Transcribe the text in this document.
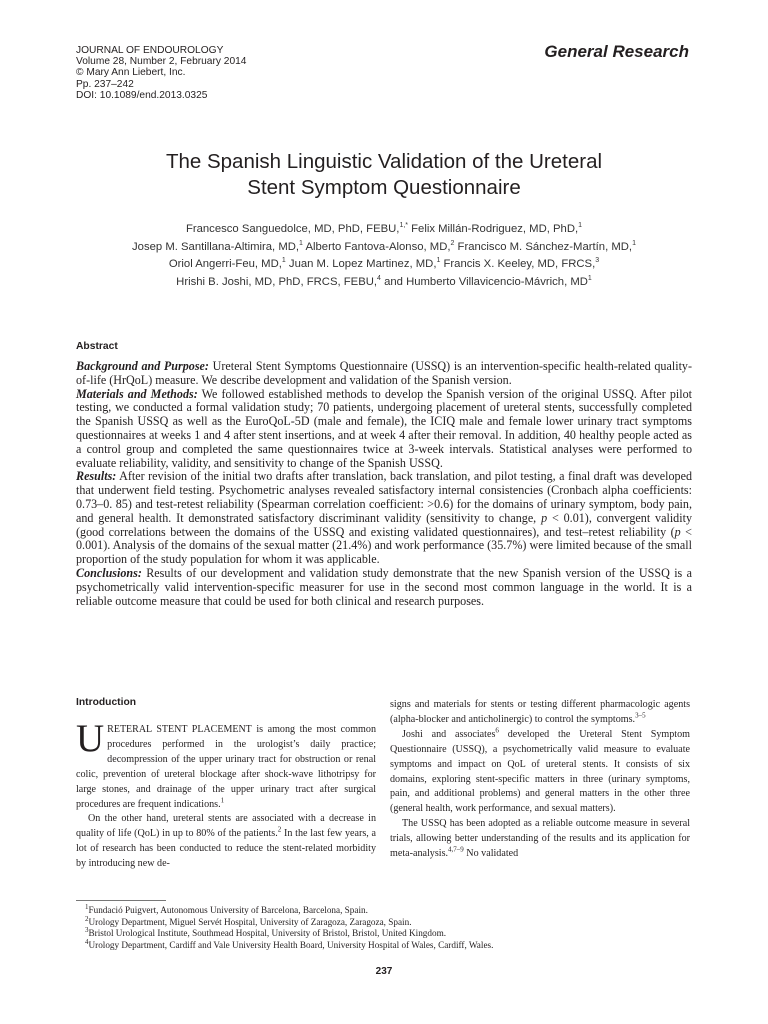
JOURNAL OF ENDOUROLOGY
Volume 28, Number 2, February 2014
© Mary Ann Liebert, Inc.
Pp. 237–242
DOI: 10.1089/end.2013.0325
General Research
The Spanish Linguistic Validation of the Ureteral
Stent Symptom Questionnaire
Francesco Sanguedolce, MD, PhD, FEBU,$^{1,*}$ Felix Millán-Rodriguez, MD, PhD,$^1$
Josep M. Santillana-Altimira, MD,$^1$ Alberto Fantova-Alonso, MD,$^2$ Francisco M. Sánchez-Martín, MD,$^1$
Oriol Angerri-Feu, MD,$^1$ Juan M. Lopez Martinez, MD,$^1$ Francis X. Keeley, MD, FRCS,$^3$
Hrishi B. Joshi, MD, PhD, FRCS, FEBU,$^4$ and Humberto Villavicencio-Mávrich, $MD^1$
Abstract

Background and Purpose: Ureteral Stent Symptoms Questionnaire (USSQ) is an intervention-specific health-related quality-of-life (HrQoL) measure. We describe development and validation of the Spanish version.

Materials and Methods: We followed established methods to develop the Spanish version of the original USSQ. After pilot testing, we conducted a formal validation study; 70 patients, undergoing placement of ureteral stents, successfully completed the Spanish USSQ as well as the EuroQoL-5D (male and female), the ICIQ male and female lower urinary tract symptoms questionnaires at weeks 1 and 4 after stent insertions, and at week 4 after their removal. In addition, 40 healthy people acted as a control group and completed the same questionnaires twice at 3-week intervals. Statistical analyses were performed to evaluate reliability, validity, and sensitivity to change of the Spanish USSQ.

Results: After revision of the initial two drafts after translation, back translation, and pilot testing, a final draft was developed that underwent field testing. Psychometric analyses revealed satisfactory internal consistencies (Cronbach alpha coefficients: 0.73–0. 85) and test-retest reliability (Spearman correlation coefficient: >0.6) for the domains of urinary symptom, body pain, and general health. It demonstrated satisfactory discriminant validity (sensitivity to change, p < 0.01), convergent validity (good correlations between the domains of the USSQ and existing validated questionnaires), and test–retest reliability (p < 0.001). Analysis of the domains of the sexual matter (21.4%) and work performance (35.7%) were limited because of the small proportion of the study population for whom it was applicable.

Conclusions: Results of our development and validation study demonstrate that the new Spanish version of the USSQ is a psychometrically valid intervention-specific measurer for use in the second most common language in the world. It is a reliable outcome measure that could be used for both clinical and research purposes.

Introduction

URETERAL STENT PLACEMENT is among the most common procedures performed in the urologist’s daily practice; decompression of the upper urinary tract for obstruction or renal colic, prevention of ureteral blockage after shock-wave lithotripsy for large stones, and drainage of the upper urinary tract after surgical procedures are frequent indications.$^1$

On the other hand, ureteral stents are associated with a decrease in quality of life (QoL) in up to 80% of the patients.$^2$ In the last few years, a lot of research has been conducted to reduce the stent-related morbidity by introducing new de-

signs and materials for stents or testing different pharmacologic agents (alpha-blocker and anticholinergic) to control the symptoms.$^{3-5}$

Joshi and associates$^6$ developed the Ureteral Stent Symptom Questionnaire (USSQ), a psychometrically valid measure to evaluate symptoms and impact on QoL of ureteral stents. It consists of six domains, exploring stent-specific matters in three (urinary symptoms, pain, and additional problems) and general matters in the other three (general health, work performance, and sexual matters).

The USSQ has been adopted as a reliable outcome measure in several trials, allowing better understanding of the results and its application for meta-analysis.$^{4,7-9}$ No validated

$^1$Fundació Puigvert, Autonomous University of Barcelona, Barcelona, Spain.
$^2$Urology Department, Miguel Servét Hospital, University of Zaragoza, Zaragoza, Spain.
$^3$Bristol Urological Institute, Southmead Hospital, University of Bristol, Bristol, United Kingdom.
$^4$Urology Department, Cardiff and Vale University Health Board, University Hospital of Wales, Cardiff, Wales.
237
